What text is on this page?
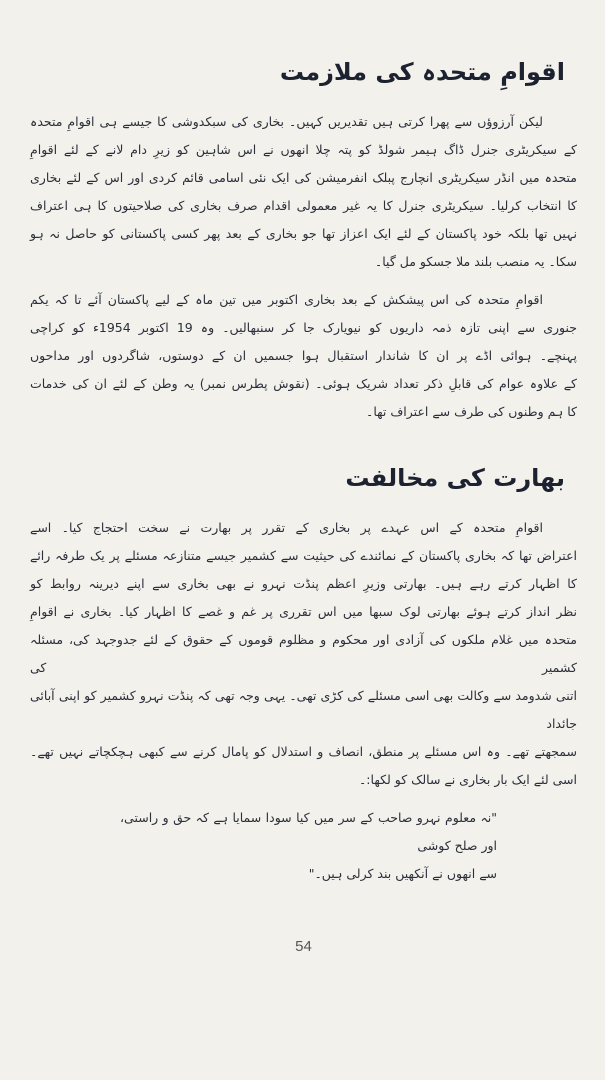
اقوامِ متحدہ کی ملازمت
لیکن آرزوؤں سے پھرا کرتی ہیں تقدیریں کہیں۔ بخاری کی سبکدوشی کا جیسے ہی اقوامِ متحدہ
کے سیکریٹری جنرل ڈاگ ہیمر شولڈ کو پتہ چلا انھوں نے اس شاہین کو زیرِ دام لانے کے لئے اقوامِ
متحدہ میں انڈر سیکریٹری انچارج پبلک انفرمیشن کی ایک نئی اسامی قائم کردی اور اس کے لئے بخاری
کا انتخاب کرلیا۔ سیکریٹری جنرل کا یہ غیر معمولی اقدام صرف بخاری کی صلاحیتوں کا ہی اعتراف
نہیں تھا بلکہ خود پاکستان کے لئے ایک اعزاز تھا جو بخاری کے بعد پھر کسی پاکستانی کو حاصل نہ ہو
سکا۔ یہ منصب بلند ملا جسکو مل گیا۔
اقوامِ متحدہ کی اس پیشکش کے بعد بخاری اکتوبر میں تین ماہ کے لیے پاکستان آئے تا کہ یکم
جنوری سے اپنی تازہ ذمہ داریوں کو نیویارک جا کر سنبھالیں۔ وہ 19 اکتوبر 1954ء کو کراچی
پہنچے۔ ہوائی اڈے پر ان کا شاندار استقبال ہوا جسمیں ان کے دوستوں، شاگردوں اور مداحوں
کے علاوہ عوام کی قابلِ ذکر تعداد شریک ہوئی۔ (نقوش پطرس نمبر) یہ وطن کے لئے ان کی خدمات
کا ہم وطنوں کی طرف سے اعتراف تھا۔
بھارت کی مخالفت
اقوامِ متحدہ کے اس عہدے پر بخاری کے تقرر پر بھارت نے سخت احتجاج کیا۔ اسے
اعتراض تھا کہ بخاری پاکستان کے نمائندے کی حیثیت سے کشمیر جیسے متنازعہ مسئلے پر یک طرفہ رائے
کا اظہار کرتے رہے ہیں۔ بھارتی وزیرِ اعظم پنڈت نہرو نے بھی بخاری سے اپنے دیرینہ روابط کو
نظر انداز کرتے ہوئے بھارتی لوک سبھا میں اس تقرری پر غم و غصے کا اظہار کیا۔ بخاری نے اقوامِ
متحدہ میں غلام ملکوں کی آزادی اور محکوم و مظلوم قوموں کے حقوق کے لئے جدوجہد کی، مسئلہ کشمیر کی
اتنی شدومد سے وکالت بھی اسی مسئلے کی کڑی تھی۔ یہی وجہ تھی کہ پنڈت نہرو کشمیر کو اپنی آبائی جائداد
سمجھتے تھے۔ وہ اس مسئلے پر منطق، انصاف و استدلال کو پامال کرنے سے کبھی ہچکچاتے نہیں تھے۔
اسی لئے ایک بار بخاری نے سالک کو لکھا:۔
"نہ معلوم نہرو صاحب کے سر میں کیا سودا سمایا ہے کہ حق و راستی، اور صلح کوشی
سے انھوں نے آنکھیں بند کرلی ہیں۔"
54
